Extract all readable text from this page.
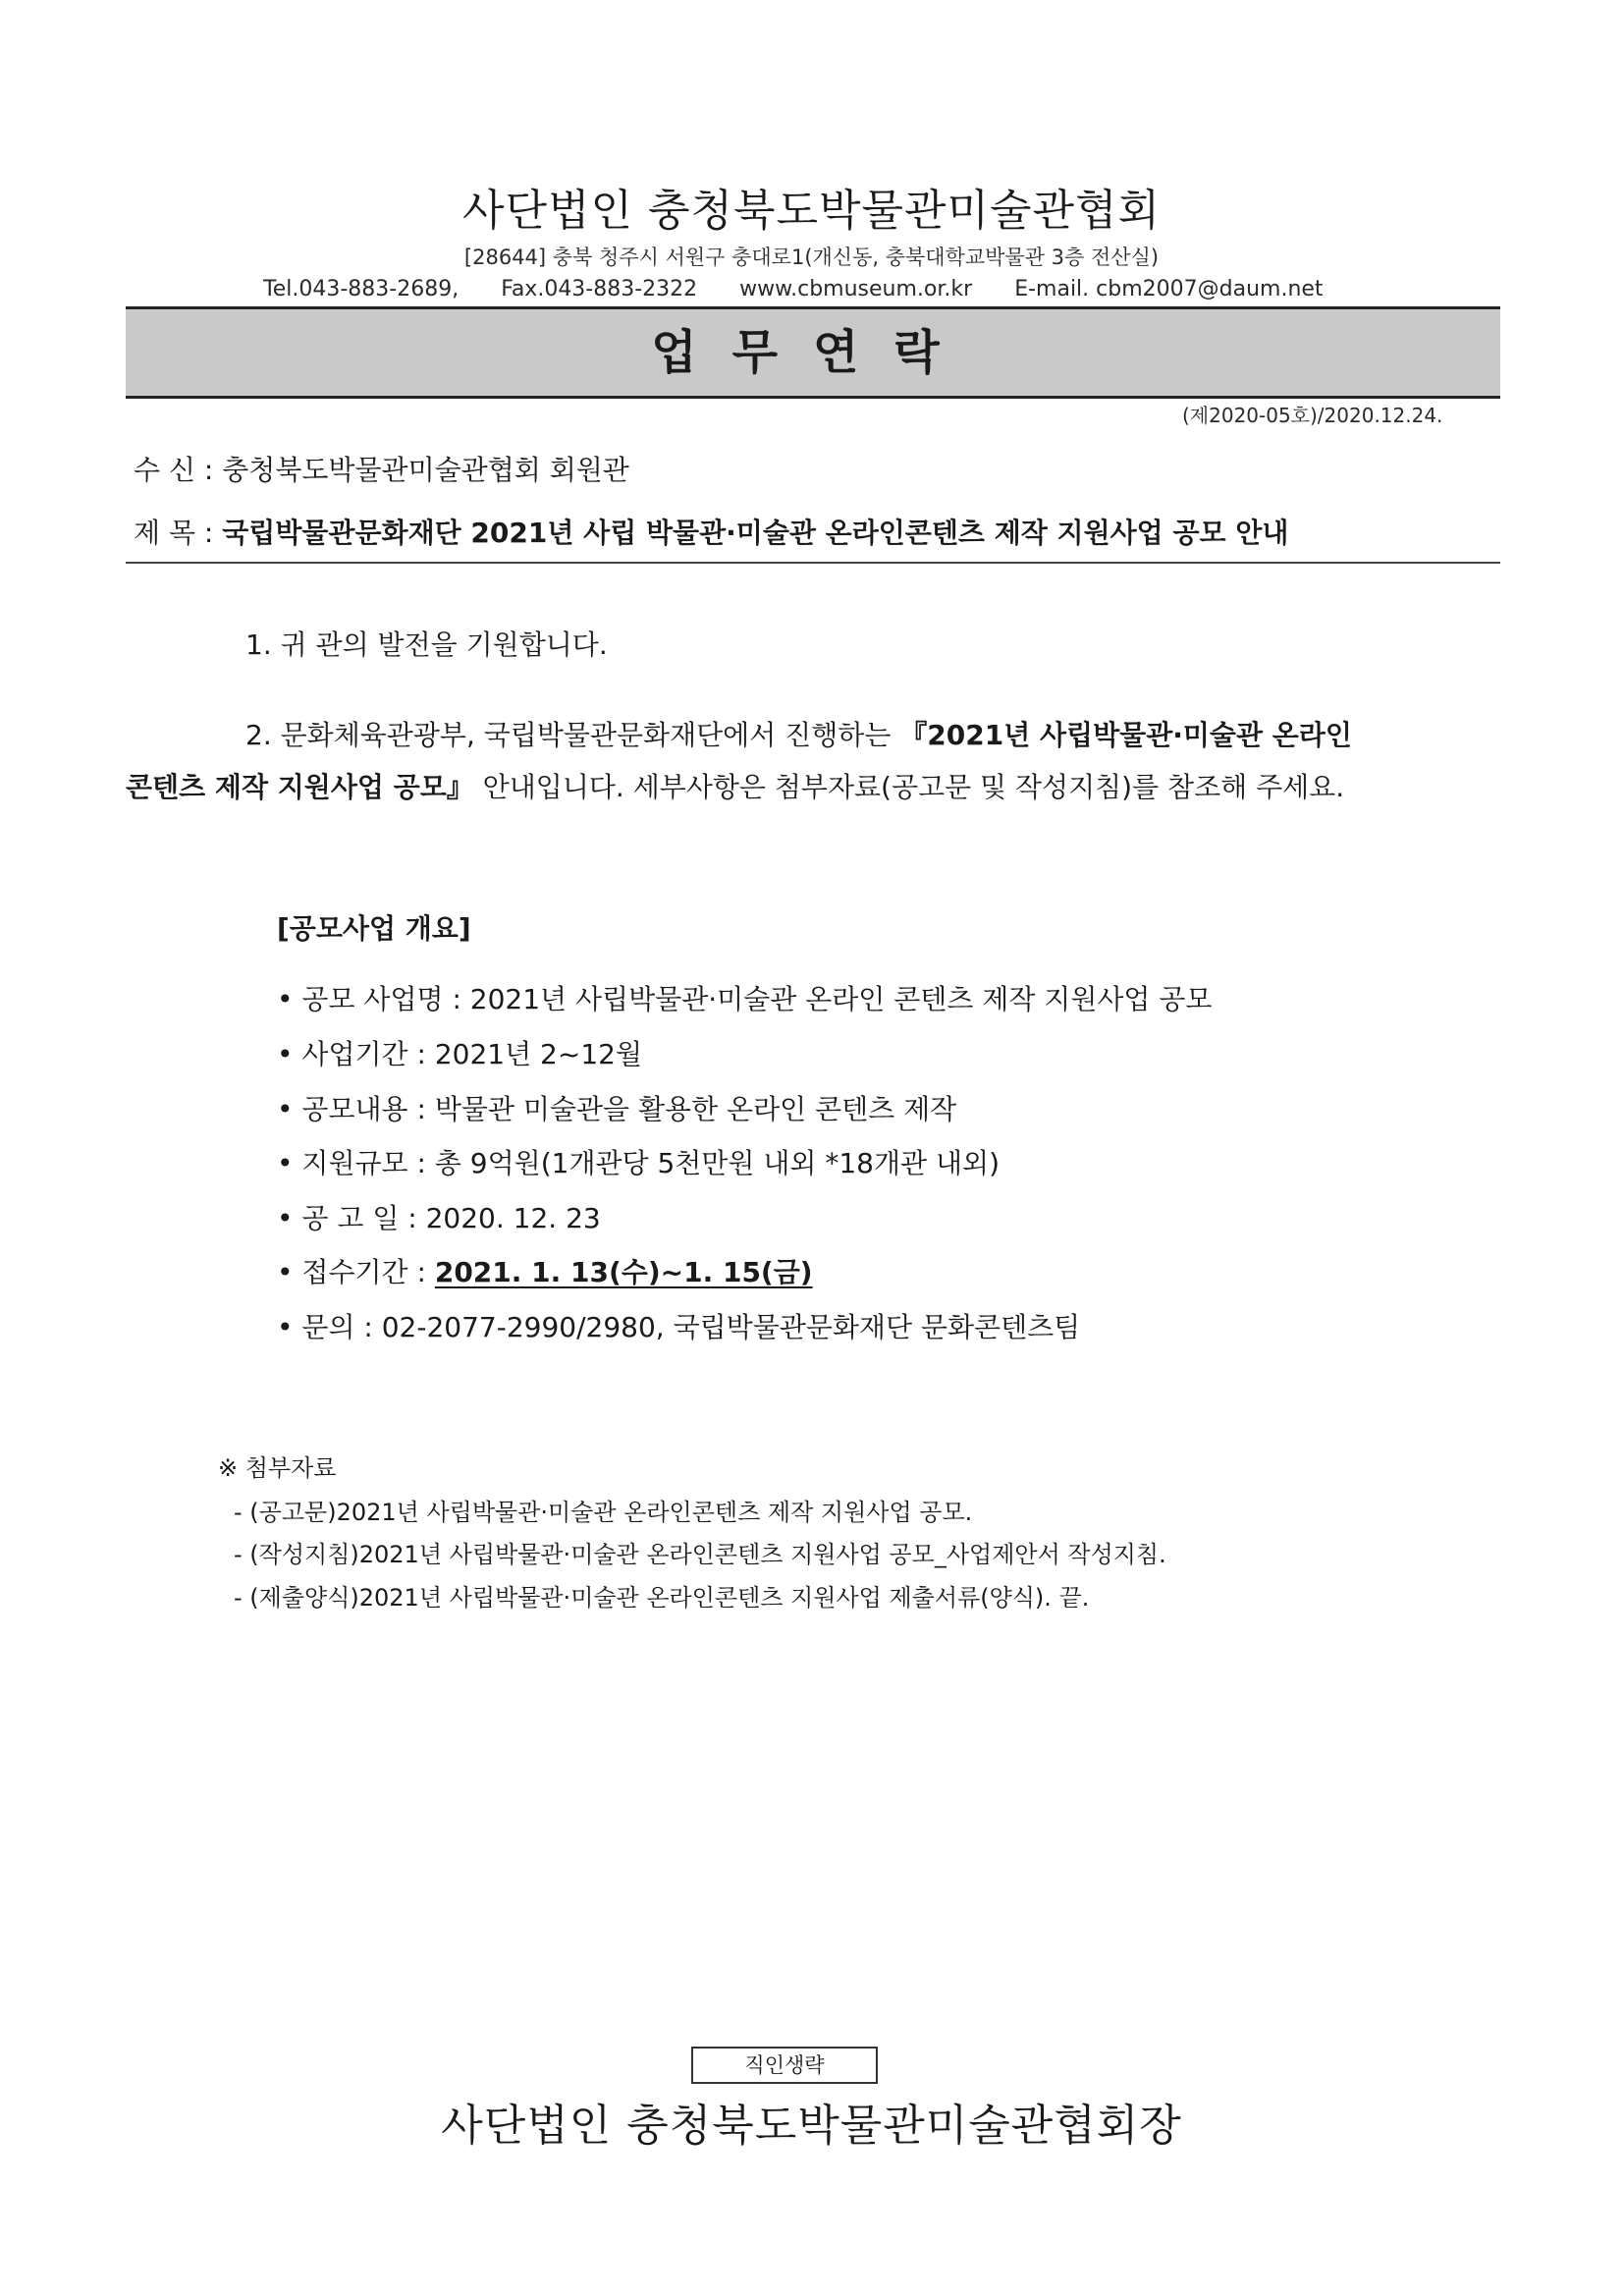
사단법인 충청북도박물관미술관협회
[28644] 충북 청주시 서원구 충대로1(개신동, 충북대학교박물관 3층 전산실)
Tel.043-883-2689, Fax.043-883-2322 www.cbmuseum.or.kr E-mail. cbm2007@daum.net
업무연락
(제2020-05호)/2020.12.24.
수 신 : 충청북도박물관미술관협회 회원관
제 목 : 국립박물관문화재단 2021년 사립 박물관·미술관 온라인콘텐츠 제작 지원사업 공모 안내
1. 귀 관의 발전을 기원합니다.
2. 문화체육관광부, 국립박물관문화재단에서 진행하는 『2021년 사립박물관·미술관 온라인
콘텐츠 제작 지원사업 공모』 안내입니다. 세부사항은 첨부자료(공고문 및 작성지침)를 참조해 주세요.
[공모사업 개요]
• 공모 사업명 : 2021년 사립박물관·미술관 온라인 콘텐츠 제작 지원사업 공모
• 사업기간 : 2021년 2~12월
• 공모내용 : 박물관 미술관을 활용한 온라인 콘텐츠 제작
• 지원규모 : 총 9억원(1개관당 5천만원 내외 *18개관 내외)
• 공 고 일 : 2020. 12. 23
• 접수기간 : 2021. 1. 13(수)~1. 15(금)
• 문의 : 02-2077-2990/2980, 국립박물관문화재단 문화콘텐츠팀
※ 첨부자료
- (공고문)2021년 사립박물관·미술관 온라인콘텐츠 제작 지원사업 공모.
- (작성지침)2021년 사립박물관·미술관 온라인콘텐츠 지원사업 공모_사업제안서 작성지침.
- (제출양식)2021년 사립박물관·미술관 온라인콘텐츠 지원사업 제출서류(양식). 끝.
직인생략
사단법인 충청북도박물관미술관협회장
